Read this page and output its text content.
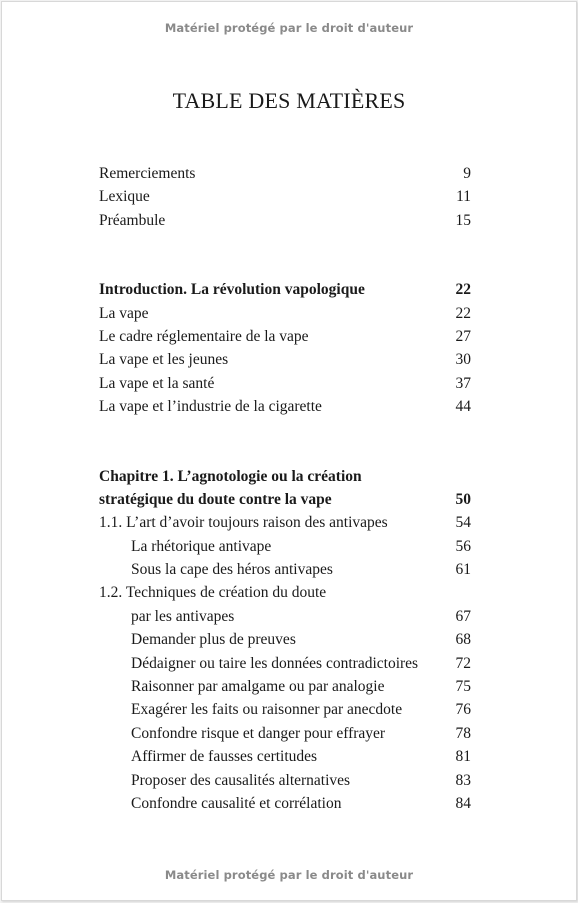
Matériel protégé par le droit d'auteur
TABLE DES MATIÈRES
Remerciements	9
Lexique	11
Préambule	15
Introduction. La révolution vapologique	22
La vape	22
Le cadre réglementaire de la vape	27
La vape et les jeunes	30
La vape et la santé	37
La vape et l’industrie de la cigarette	44
Chapitre 1. L’agnotologie ou la création
stratégique du doute contre la vape	50
1.1. L’art d’avoir toujours raison des antivapes	54
La rhétorique antivape	56
Sous la cape des héros antivapes	61
1.2. Techniques de création du doute
par les antivapes	67
Demander plus de preuves	68
Dédaigner ou taire les données contradictoires 72
Raisonner par amalgame ou par analogie	75
Exagérer les faits ou raisonner par anecdote	76
Confondre risque et danger pour effrayer	78
Affirmer de fausses certitudes	81
Proposer des causalités alternatives	83
Confondre causalité et corrélation	84
Matériel protégé par le droit d'auteur
